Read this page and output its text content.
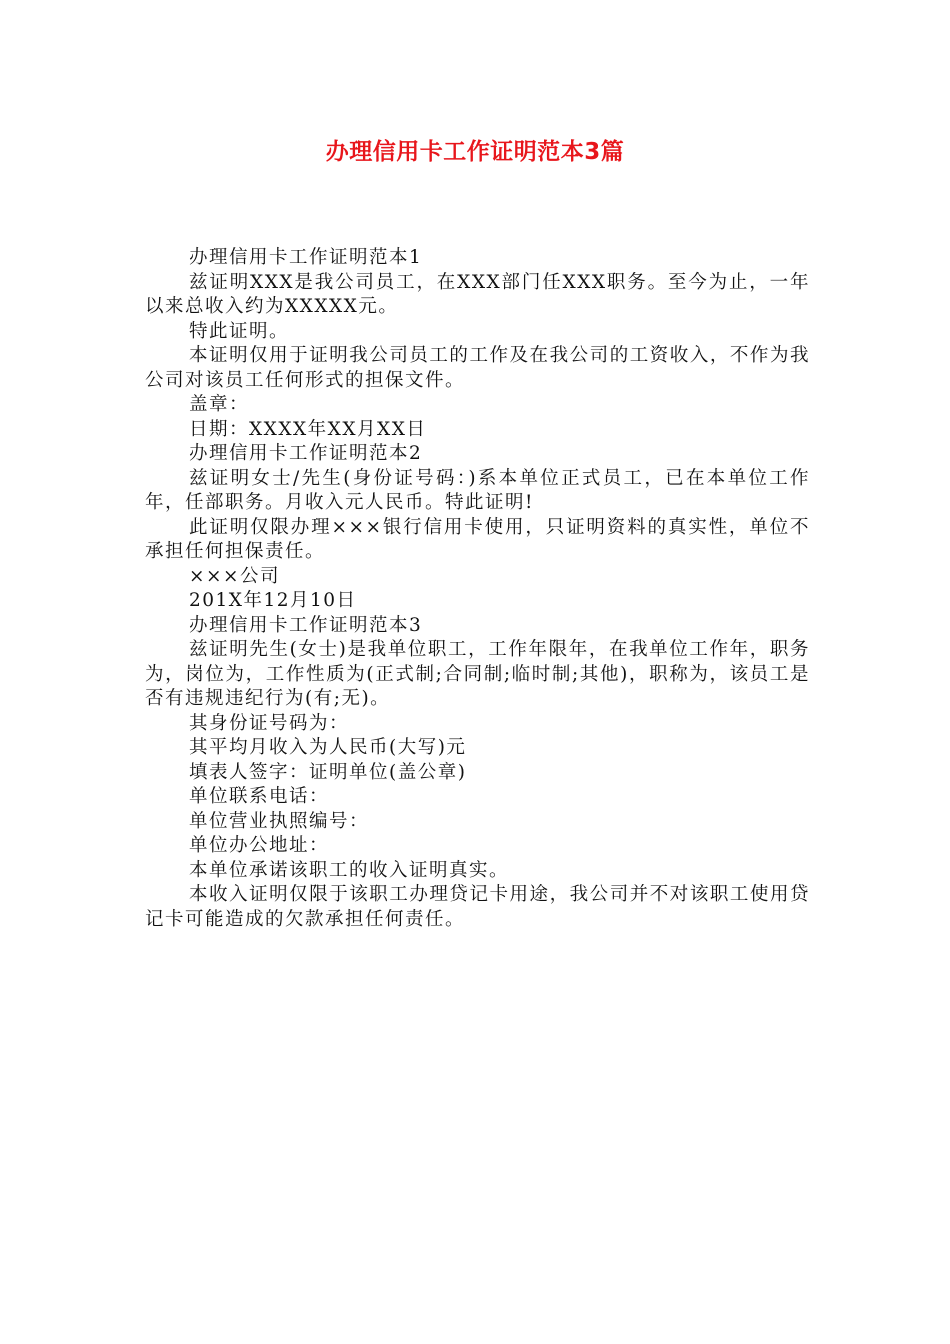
办理信用卡工作证明范本3篇

办理信用卡工作证明范本1

兹证明XXX是我公司员工，在XXX部门任XXX职务。至今为止，一年以来总收入约为XXXXX元。

特此证明。

本证明仅用于证明我公司员工的工作及在我公司的工资收入，不作为我公司对该员工任何形式的担保文件。

盖章：

日期：XXXX年XX月XX日

办理信用卡工作证明范本2

兹证明女士/先生(身份证号码：)系本单位正式员工，已在本单位工作年，任部职务。月收入元人民币。特此证明!

此证明仅限办理×××银行信用卡使用，只证明资料的真实性，单位不承担任何担保责任。

×××公司

201X年12月10日

办理信用卡工作证明范本3

兹证明先生(女士)是我单位职工，工作年限年，在我单位工作年，职务为，岗位为，工作性质为(正式制;合同制;临时制;其他)，职称为，该员工是否有违规违纪行为(有;无)。

其身份证号码为：

其平均月收入为人民币(大写)元

填表人签字：证明单位(盖公章)

单位联系电话：

单位营业执照编号：

单位办公地址：

本单位承诺该职工的收入证明真实。

本收入证明仅限于该职工办理贷记卡用途，我公司并不对该职工使用贷记卡可能造成的欠款承担任何责任。
